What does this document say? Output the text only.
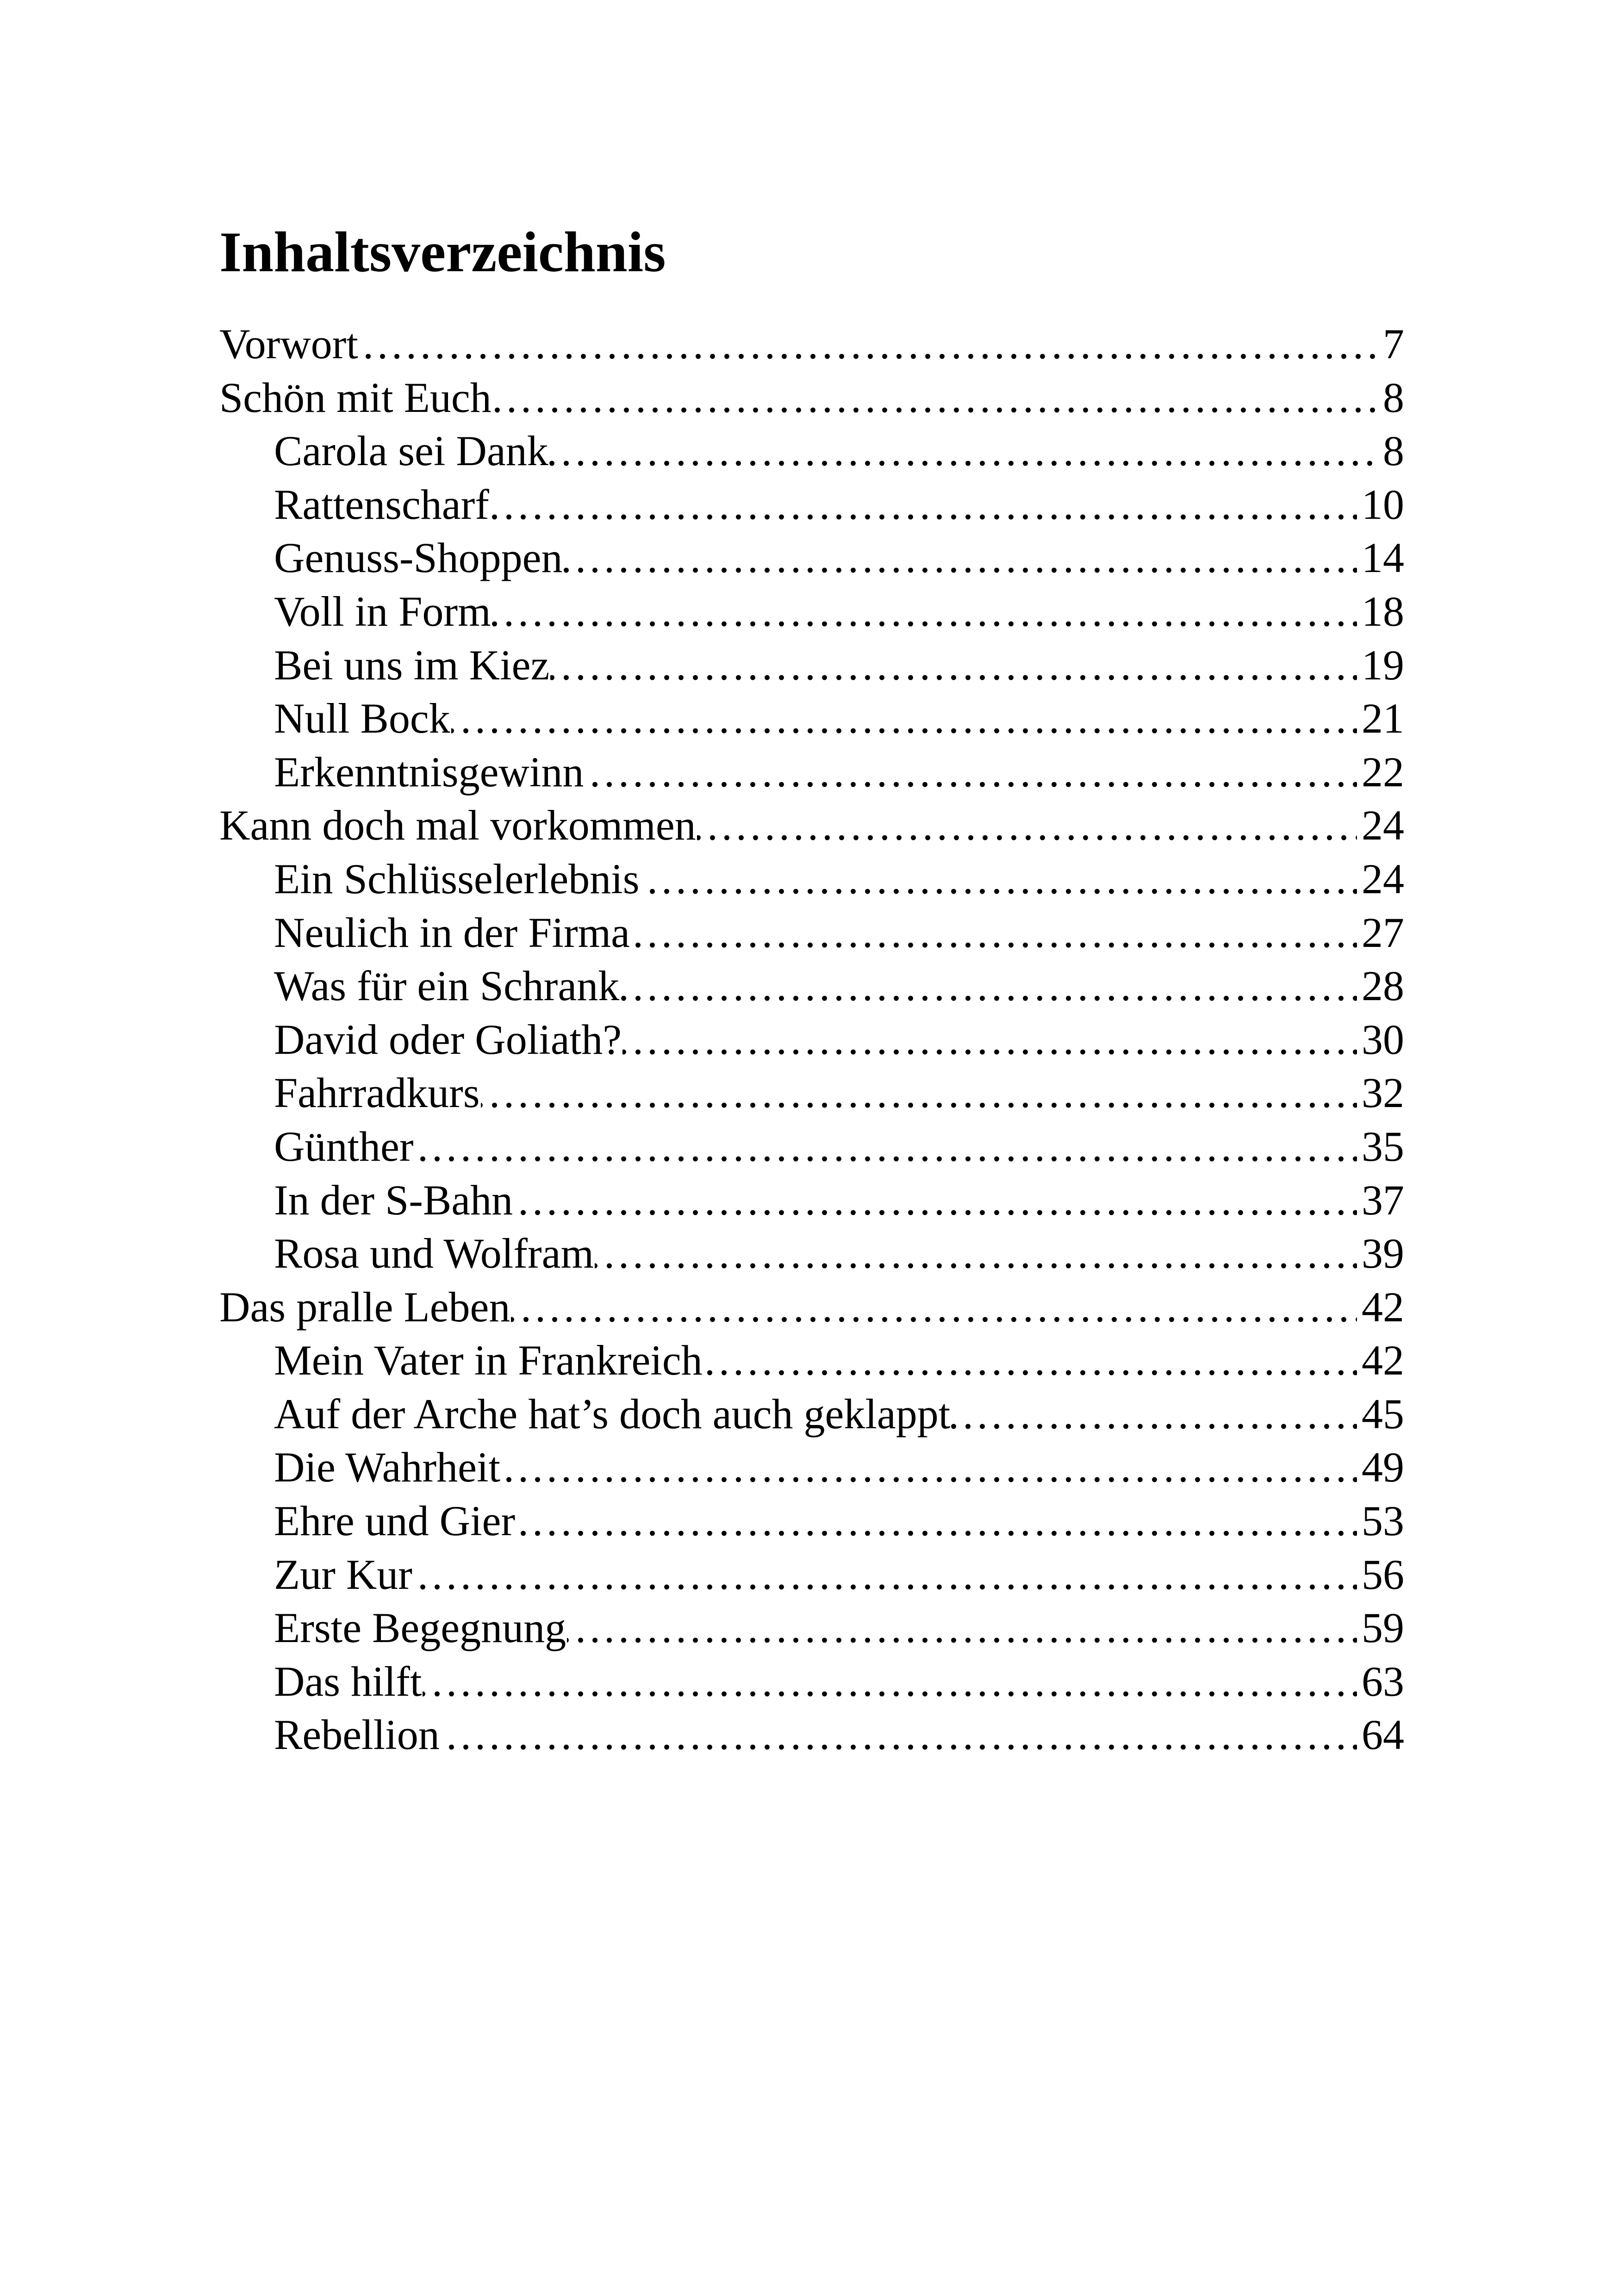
Inhaltsverzeichnis
Vorwort .....	7
Schön mit Euch .....	8
Carola sei Dank .....	8
Rattenscharf .....	10
Genuss-Shoppen .....	14
Voll in Form .....	18
Bei uns im Kiez .....	19
Null Bock .....	21
Erkenntnisgewinn .....	22
Kann doch mal vorkommen .....	24
Ein Schlüsselerlebnis .....	24
Neulich in der Firma .....	27
Was für ein Schrank .....	28
David oder Goliath? .....	30
Fahrradkurs .....	32
Günther .....	35
In der S-Bahn .....	37
Rosa und Wolfram .....	39
Das pralle Leben .....	42
Mein Vater in Frankreich .....	42
Auf der Arche hat’s doch auch geklappt .....	45
Die Wahrheit .....	49
Ehre und Gier .....	53
Zur Kur .....	56
Erste Begegnung .....	59
Das hilft .....	63
Rebellion .....	64
